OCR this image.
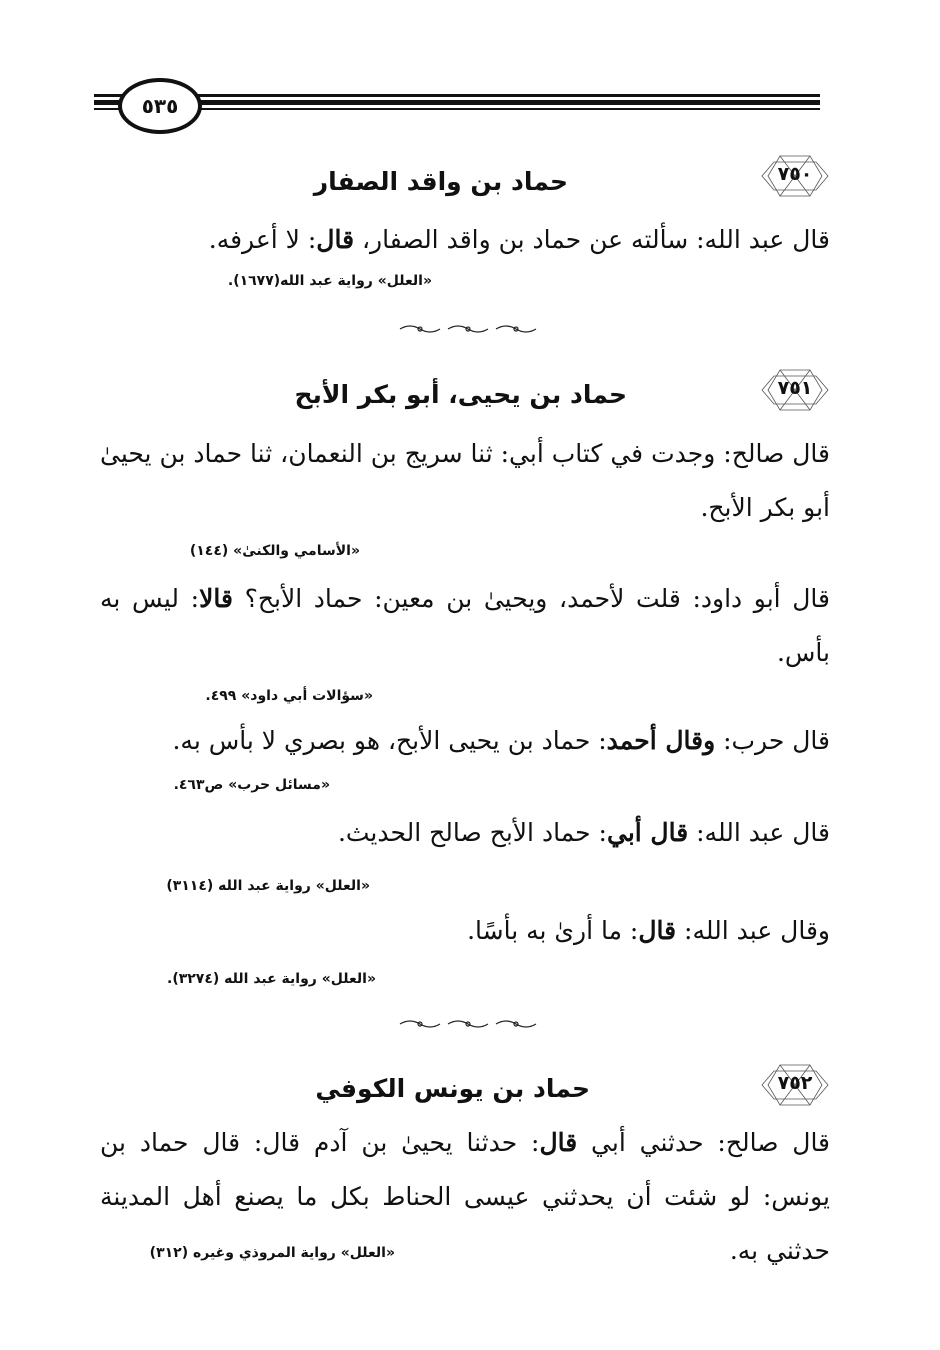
٥٣٥
٧٥٠
حماد بن واقد الصفار
قال عبد الله: سألته عن حماد بن واقد الصفار، قال: لا أعرفه.
«العلل» رواية عبد الله(١٦٧٧).
٧٥١
حماد بن يحيى، أبو بكر الأبح
قال صالح: وجدت في كتاب أبي: ثنا سريج بن النعمان، ثنا حماد بن يحيىٰ أبو بكر الأبح.
«الأسامي والكنىٰ» (١٤٤)
قال أبو داود: قلت لأحمد، ويحيىٰ بن معين: حماد الأبح؟ قالا: ليس به بأس.
«سؤالات أبي داود» ٤٩٩.
قال حرب: وقال أحمد: حماد بن يحيى الأبح، هو بصري لا بأس به.
«مسائل حرب» ص٤٦٣.
قال عبد الله: قال أبي: حماد الأبح صالح الحديث.
«العلل» رواية عبد الله (٣١١٤)
وقال عبد الله: قال: ما أرىٰ به بأسًا.
«العلل» رواية عبد الله (٣٢٧٤).
٧٥٢
حماد بن يونس الكوفي
قال صالح: حدثني أبي قال: حدثنا يحيىٰ بن آدم قال: قال حماد بن يونس: لو شئت أن يحدثني عيسى الحناط بكل ما يصنع أهل المدينة حدثني به.
«العلل» رواية المروذي وغيره (٣١٢)
